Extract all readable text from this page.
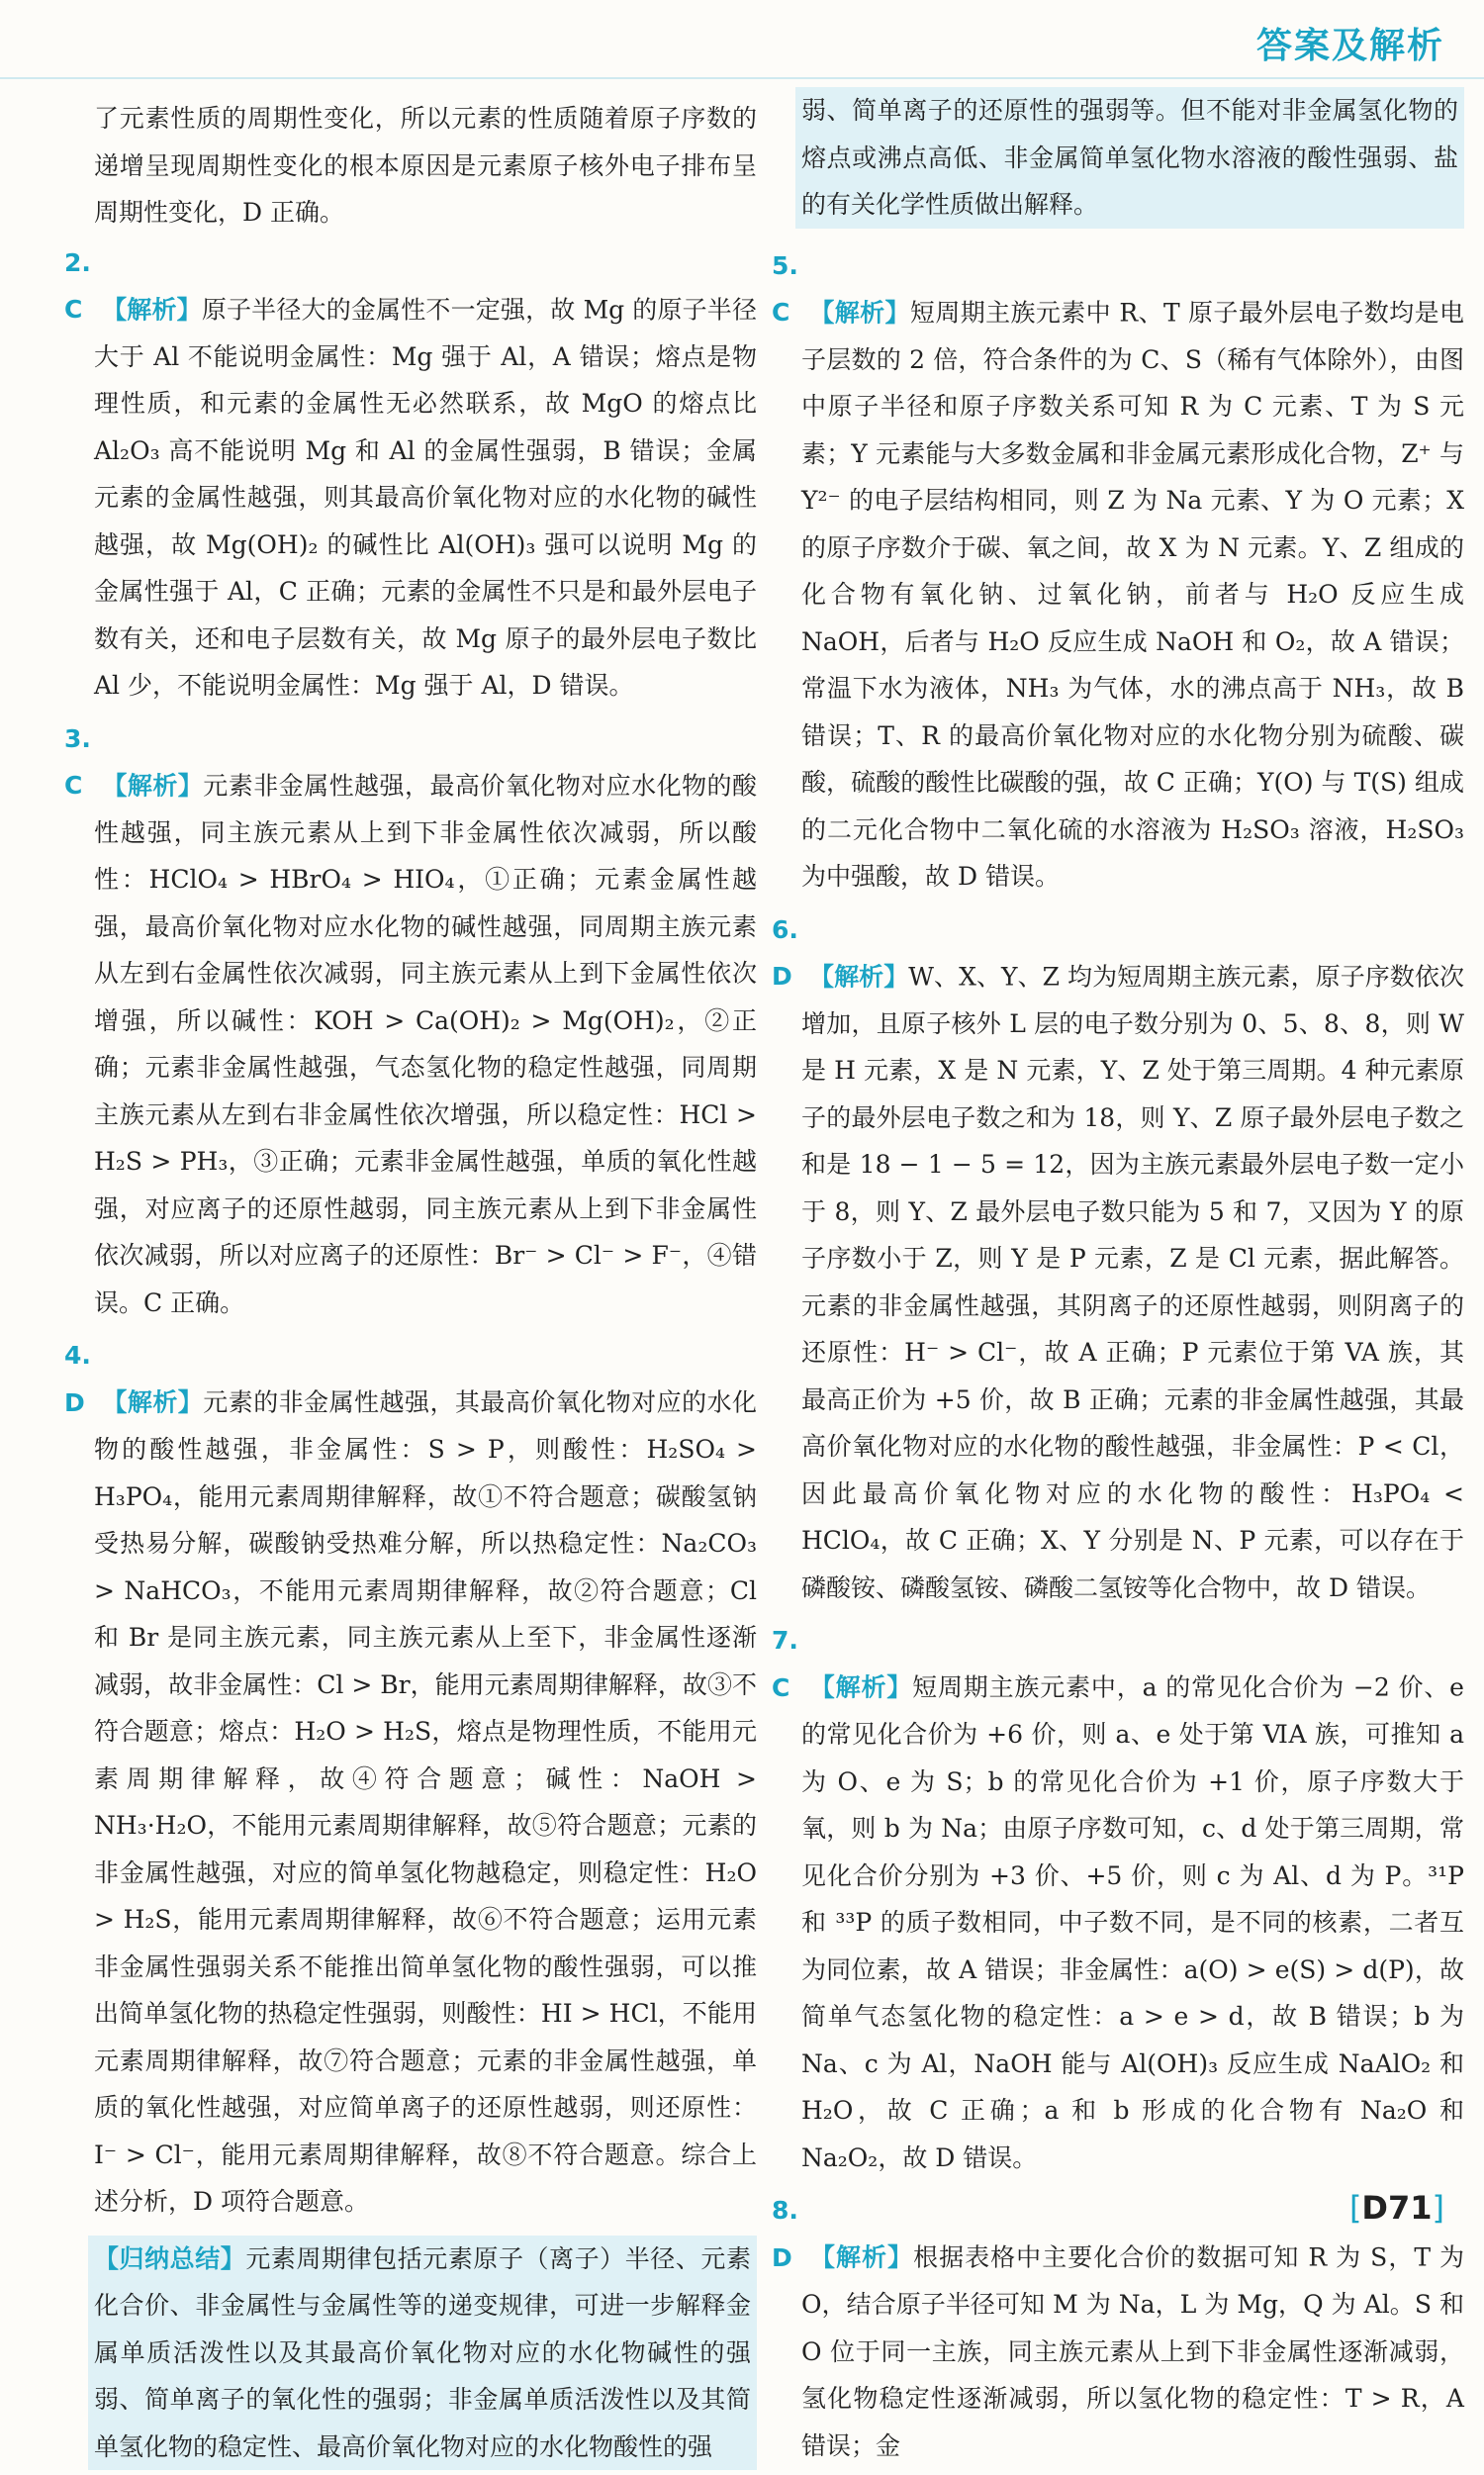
答案及解析

了元素性质的周期性变化，所以元素的性质随着原子序数的递增呈现周期性变化的根本原因是元素原子核外电子排布呈周期性变化，D 正确。

2. C 【解析】原子半径大的金属性不一定强，故 Mg 的原子半径大于 Al 不能说明金属性：Mg 强于 Al，A 错误；熔点是物理性质，和元素的金属性无必然联系，故 MgO 的熔点比 Al₂O₃ 高不能说明 Mg 和 Al 的金属性强弱，B 错误；金属元素的金属性越强，则其最高价氧化物对应的水化物的碱性越强，故 Mg(OH)₂ 的碱性比 Al(OH)₃ 强可以说明 Mg 的金属性强于 Al，C 正确；元素的金属性不只是和最外层电子数有关，还和电子层数有关，故 Mg 原子的最外层电子数比 Al 少，不能说明金属性：Mg 强于 Al，D 错误。
3. C 【解析】元素非金属性越强，最高价氧化物对应水化物的酸性越强，同主族元素从上到下非金属性依次减弱，所以酸性：HClO₄ > HBrO₄ > HIO₄，①正确；元素金属性越强，最高价氧化物对应水化物的碱性越强，同周期主族元素从左到右金属性依次减弱，同主族元素从上到下金属性依次增强，所以碱性：KOH > Ca(OH)₂ > Mg(OH)₂，②正确；元素非金属性越强，气态氢化物的稳定性越强，同周期主族元素从左到右非金属性依次增强，所以稳定性：HCl > H₂S > PH₃，③正确；元素非金属性越强，单质的氧化性越强，对应离子的还原性越弱，同主族元素从上到下非金属性依次减弱，所以对应离子的还原性：Br⁻ > Cl⁻ > F⁻，④错误。C 正确。
4. D 【解析】元素的非金属性越强，其最高价氧化物对应的水化物的酸性越强，非金属性：S > P，则酸性：H₂SO₄ > H₃PO₄，能用元素周期律解释，故①不符合题意；碳酸氢钠受热易分解，碳酸钠受热难分解，所以热稳定性：Na₂CO₃ > NaHCO₃，不能用元素周期律解释，故②符合题意；Cl 和 Br 是同主族元素，同主族元素从上至下，非金属性逐渐减弱，故非金属性：Cl > Br，能用元素周期律解释，故③不符合题意；熔点：H₂O > H₂S，熔点是物理性质，不能用元素周期律解释，故④符合题意；碱性：NaOH > NH₃·H₂O，不能用元素周期律解释，故⑤符合题意；元素的非金属性越强，对应的简单氢化物越稳定，则稳定性：H₂O > H₂S，能用元素周期律解释，故⑥不符合题意；运用元素非金属性强弱关系不能推出简单氢化物的酸性强弱，可以推出简单氢化物的热稳定性强弱，则酸性：HI > HCl，不能用元素周期律解释，故⑦符合题意；元素的非金属性越强，单质的氧化性越强，对应简单离子的还原性越弱，则还原性：I⁻ > Cl⁻，能用元素周期律解释，故⑧不符合题意。综合上述分析，D 项符合题意。
【归纳总结】元素周期律包括元素原子（离子）半径、元素化合价、非金属性与金属性等的递变规律，可进一步解释金属单质活泼性以及其最高价氧化物对应的水化物碱性的强弱、简单离子的氧化性的强弱；非金属单质活泼性以及其简单氢化物的稳定性、最高价氧化物对应的水化物酸性的强
弱、简单离子的还原性的强弱等。但不能对非金属氢化物的熔点或沸点高低、非金属简单氢化物水溶液的酸性强弱、盐的有关化学性质做出解释。
5. C 【解析】短周期主族元素中 R、T 原子最外层电子数均是电子层数的 2 倍，符合条件的为 C、S（稀有气体除外），由图中原子半径和原子序数关系可知 R 为 C 元素、T 为 S 元素；Y 元素能与大多数金属和非金属元素形成化合物，Z⁺ 与 Y²⁻ 的电子层结构相同，则 Z 为 Na 元素、Y 为 O 元素；X 的原子序数介于碳、氧之间，故 X 为 N 元素。Y、Z 组成的化合物有氧化钠、过氧化钠，前者与 H₂O 反应生成 NaOH，后者与 H₂O 反应生成 NaOH 和 O₂，故 A 错误；常温下水为液体，NH₃ 为气体，水的沸点高于 NH₃，故 B 错误；T、R 的最高价氧化物对应的水化物分别为硫酸、碳酸，硫酸的酸性比碳酸的强，故 C 正确；Y(O) 与 T(S) 组成的二元化合物中二氧化硫的水溶液为 H₂SO₃ 溶液，H₂SO₃ 为中强酸，故 D 错误。
6. D 【解析】W、X、Y、Z 均为短周期主族元素，原子序数依次增加，且原子核外 L 层的电子数分别为 0、5、8、8，则 W 是 H 元素，X 是 N 元素，Y、Z 处于第三周期。4 种元素原子的最外层电子数之和为 18，则 Y、Z 原子最外层电子数之和是 18 − 1 − 5 = 12，因为主族元素最外层电子数一定小于 8，则 Y、Z 最外层电子数只能为 5 和 7，又因为 Y 的原子序数小于 Z，则 Y 是 P 元素，Z 是 Cl 元素，据此解答。元素的非金属性越强，其阴离子的还原性越弱，则阴离子的还原性：H⁻ > Cl⁻，故 A 正确；P 元素位于第 VA 族，其最高正价为 +5 价，故 B 正确；元素的非金属性越强，其最高价氧化物对应的水化物的酸性越强，非金属性：P < Cl，因此最高价氧化物对应的水化物的酸性：H₃PO₄ < HClO₄，故 C 正确；X、Y 分别是 N、P 元素，可以存在于磷酸铵、磷酸氢铵、磷酸二氢铵等化合物中，故 D 错误。
7. C 【解析】短周期主族元素中，a 的常见化合价为 −2 价、e 的常见化合价为 +6 价，则 a、e 处于第 ⅥA 族，可推知 a 为 O、e 为 S；b 的常见化合价为 +1 价，原子序数大于氧，则 b 为 Na；由原子序数可知，c、d 处于第三周期，常见化合价分别为 +3 价、+5 价，则 c 为 Al、d 为 P。³¹P 和 ³³P 的质子数相同，中子数不同，是不同的核素，二者互为同位素，故 A 错误；非金属性：a(O) > e(S) > d(P)，故简单气态氢化物的稳定性：a > e > d，故 B 错误；b 为 Na、c 为 Al，NaOH 能与 Al(OH)₃ 反应生成 NaAlO₂ 和 H₂O，故 C 正确；a 和 b 形成的化合物有 Na₂O 和 Na₂O₂，故 D 错误。
8. D 【解析】根据表格中主要化合价的数据可知 R 为 S，T 为 O，结合原子半径可知 M 为 Na，L 为 Mg，Q 为 Al。S 和 O 位于同一主族，同主族元素从上到下非金属性逐渐减弱，氢化物稳定性逐渐减弱，所以氢化物的稳定性：T > R，A 错误；金
[D71]
